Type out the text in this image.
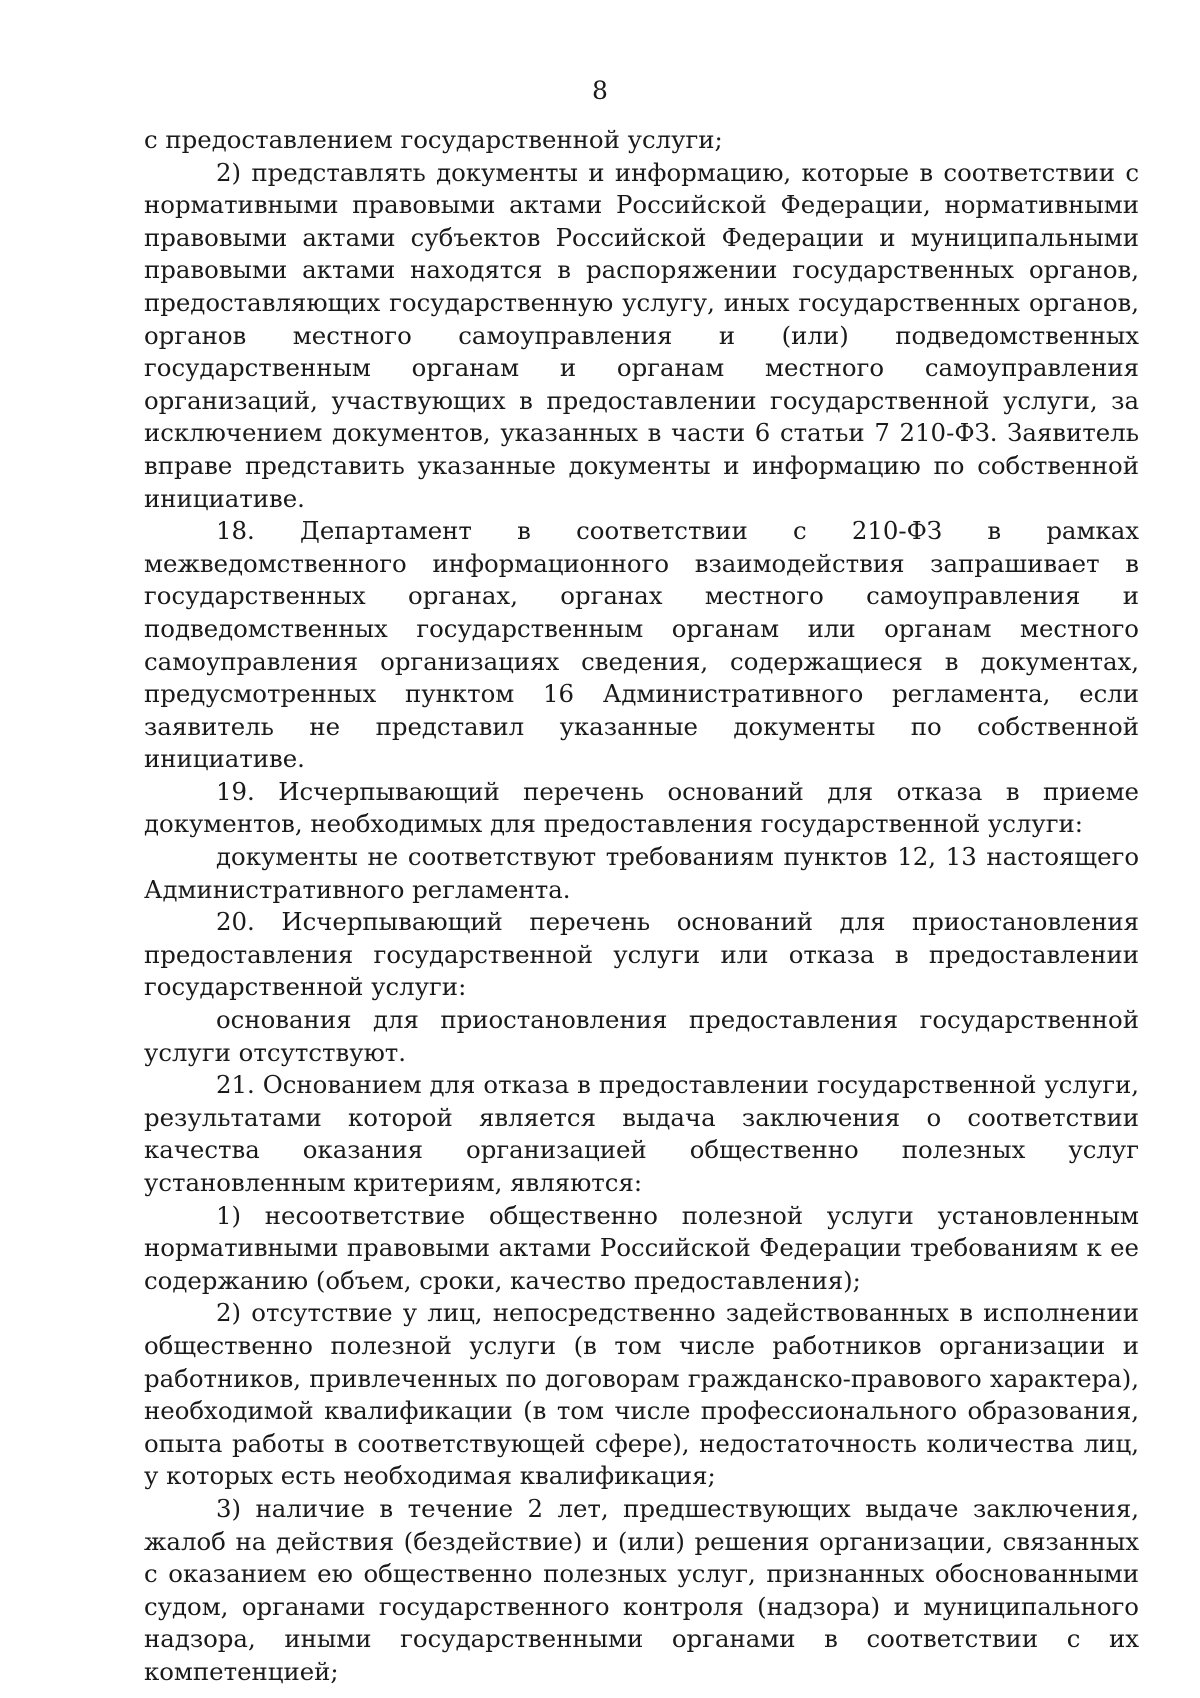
8

с предоставлением государственной услуги;

2) представлять документы и информацию, которые в соответствии с нормативными правовыми актами Российской Федерации, нормативными правовыми актами субъектов Российской Федерации и муниципальными правовыми актами находятся в распоряжении государственных органов, предоставляющих государственную услугу, иных государственных органов, органов местного самоуправления и (или) подведомственных государственным органам и органам местного самоуправления организаций, участвующих в предоставлении государственной услуги, за исключением документов, указанных в части 6 статьи 7 210-ФЗ. Заявитель вправе представить указанные документы и информацию по собственной инициативе.

18. Департамент в соответствии с 210-ФЗ в рамках межведомственного информационного взаимодействия запрашивает в государственных органах, органах местного самоуправления и подведомственных государственным органам или органам местного самоуправления организациях сведения, содержащиеся в документах, предусмотренных пунктом 16 Административного регламента, если заявитель не представил указанные документы по собственной инициативе.

19. Исчерпывающий перечень оснований для отказа в приеме документов, необходимых для предоставления государственной услуги:

документы не соответствуют требованиям пунктов 12, 13 настоящего Административного регламента.

20. Исчерпывающий перечень оснований для приостановления предоставления государственной услуги или отказа в предоставлении государственной услуги:

основания для приостановления предоставления государственной услуги отсутствуют.

21. Основанием для отказа в предоставлении государственной услуги, результатами которой является выдача заключения о соответствии качества оказания организацией общественно полезных услуг установленным критериям, являются:

1) несоответствие общественно полезной услуги установленным нормативными правовыми актами Российской Федерации требованиям к ее содержанию (объем, сроки, качество предоставления);

2) отсутствие у лиц, непосредственно задействованных в исполнении общественно полезной услуги (в том числе работников организации и работников, привлеченных по договорам гражданско-правового характера), необходимой квалификации (в том числе профессионального образования, опыта работы в соответствующей сфере), недостаточность количества лиц, у которых есть необходимая квалификация;

3) наличие в течение 2 лет, предшествующих выдаче заключения, жалоб на действия (бездействие) и (или) решения организации, связанных с оказанием ею общественно полезных услуг, признанных обоснованными судом, органами государственного контроля (надзора) и муниципального надзора, иными государственными органами в соответствии с их компетенцией;
